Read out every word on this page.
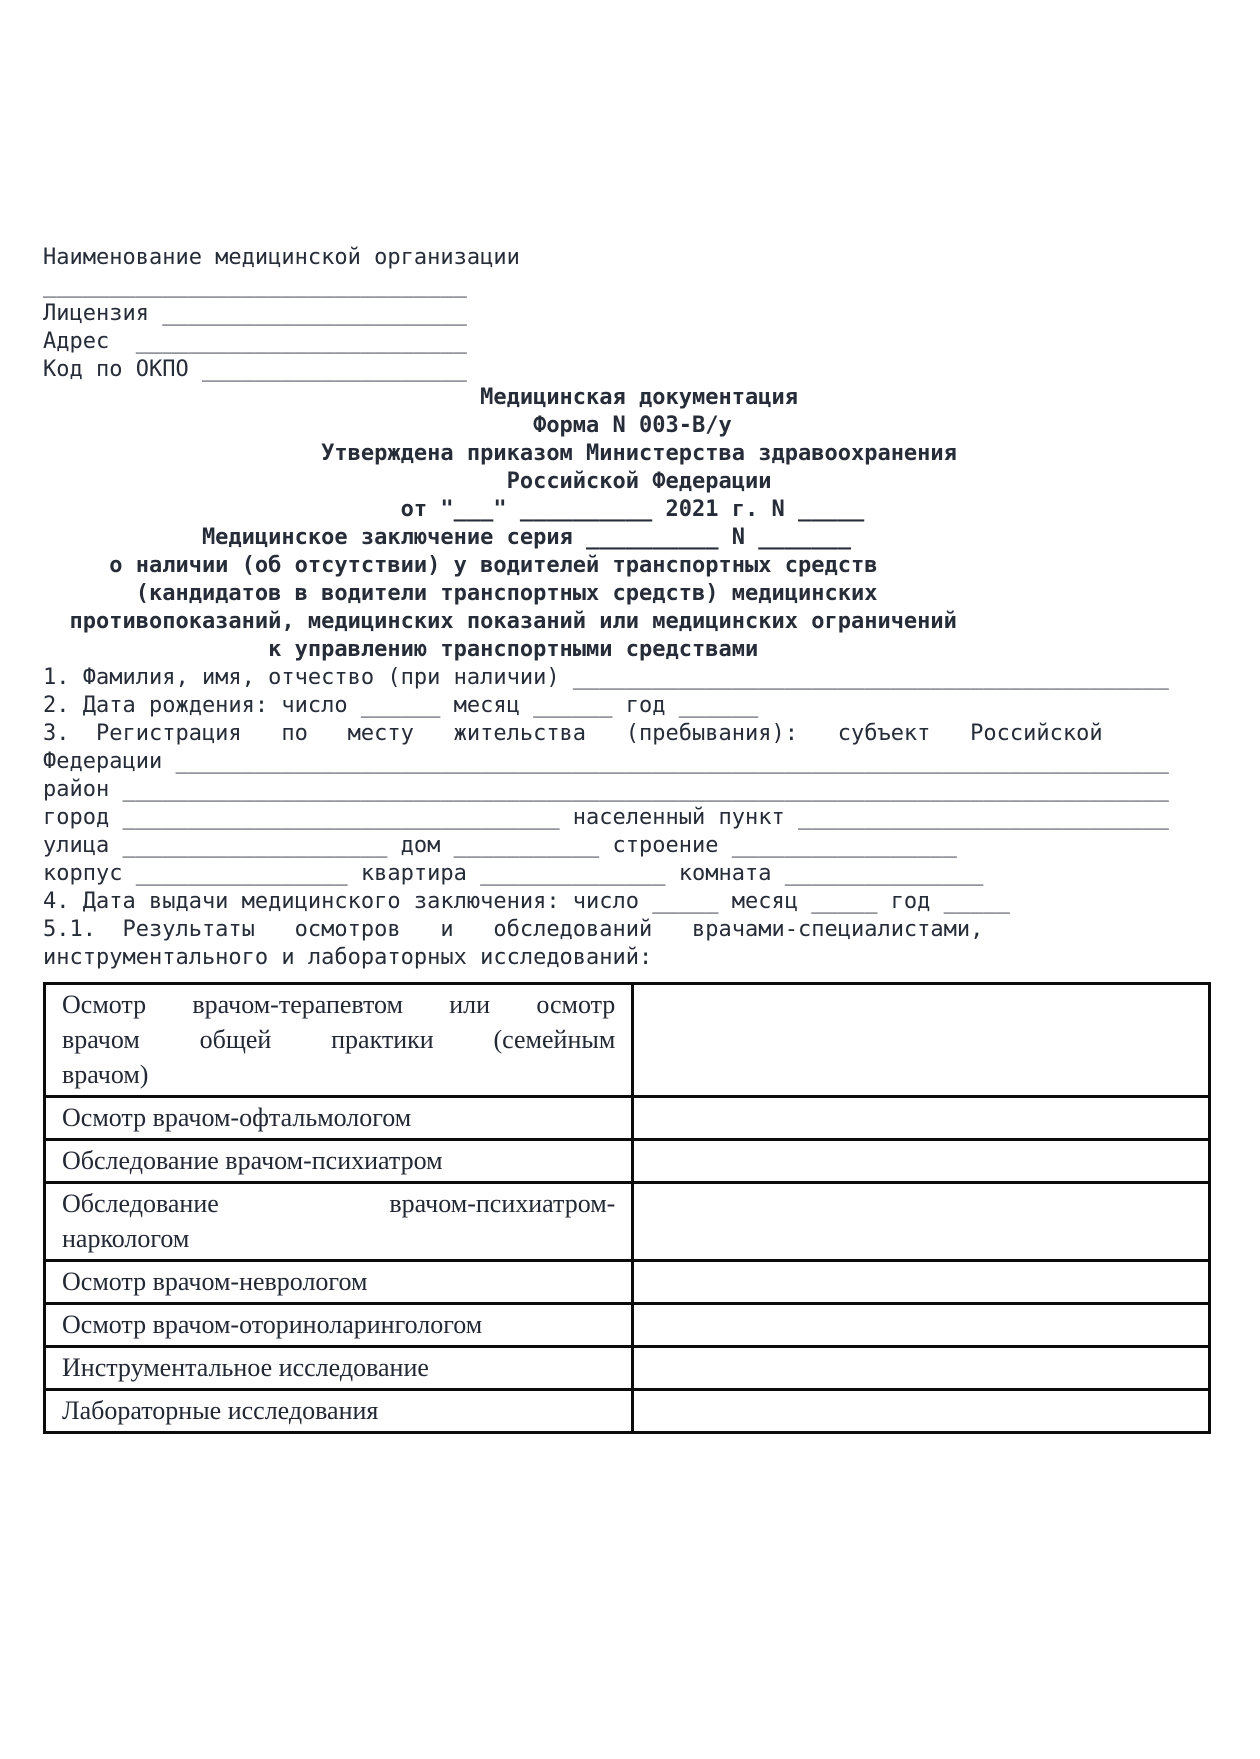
Наименование медицинской организации
________________________________
Лицензия _______________________
Адрес  _________________________
Код по ОКПО ____________________
Медицинская документация
Форма N 003-В/у
Утверждена приказом Министерства здравоохранения
Российской Федерации
от "___" __________ 2021 г. N _____
Медицинское заключение серия __________ N _______
о наличии (об отсутствии) у водителей транспортных средств
(кандидатов в водители транспортных средств) медицинских
противопоказаний, медицинских показаний или медицинских ограничений
к управлению транспортными средствами
1. Фамилия, имя, отчество (при наличии) _____________________________________________
2. Дата рождения: число ______ месяц ______ год ______
3.  Регистрация   по   месту   жительства   (пребывания):   субъект   Российской
Федерации ___________________________________________________________________________
район _______________________________________________________________________________
город _________________________________ населенный пункт ____________________________
улица ____________________ дом ___________ строение _________________
корпус ________________ квартира ______________ комната _______________
4. Дата выдачи медицинского заключения: число _____ месяц _____ год _____
5.1.  Результаты   осмотров   и   обследований   врачами-специалистами,
инструментального и лабораторных исследований:
Осмотр врачом-терапевтом или осмотр
врачом общей практики (семейным
врачом)	

Осмотр врачом-офтальмологом	

Обследование врачом-психиатром	

Обследование врачом-психиатром-
наркологом	

Осмотр врачом-неврологом	

Осмотр врачом-оториноларингологом	

Инструментальное исследование	

Лабораторные исследования	
